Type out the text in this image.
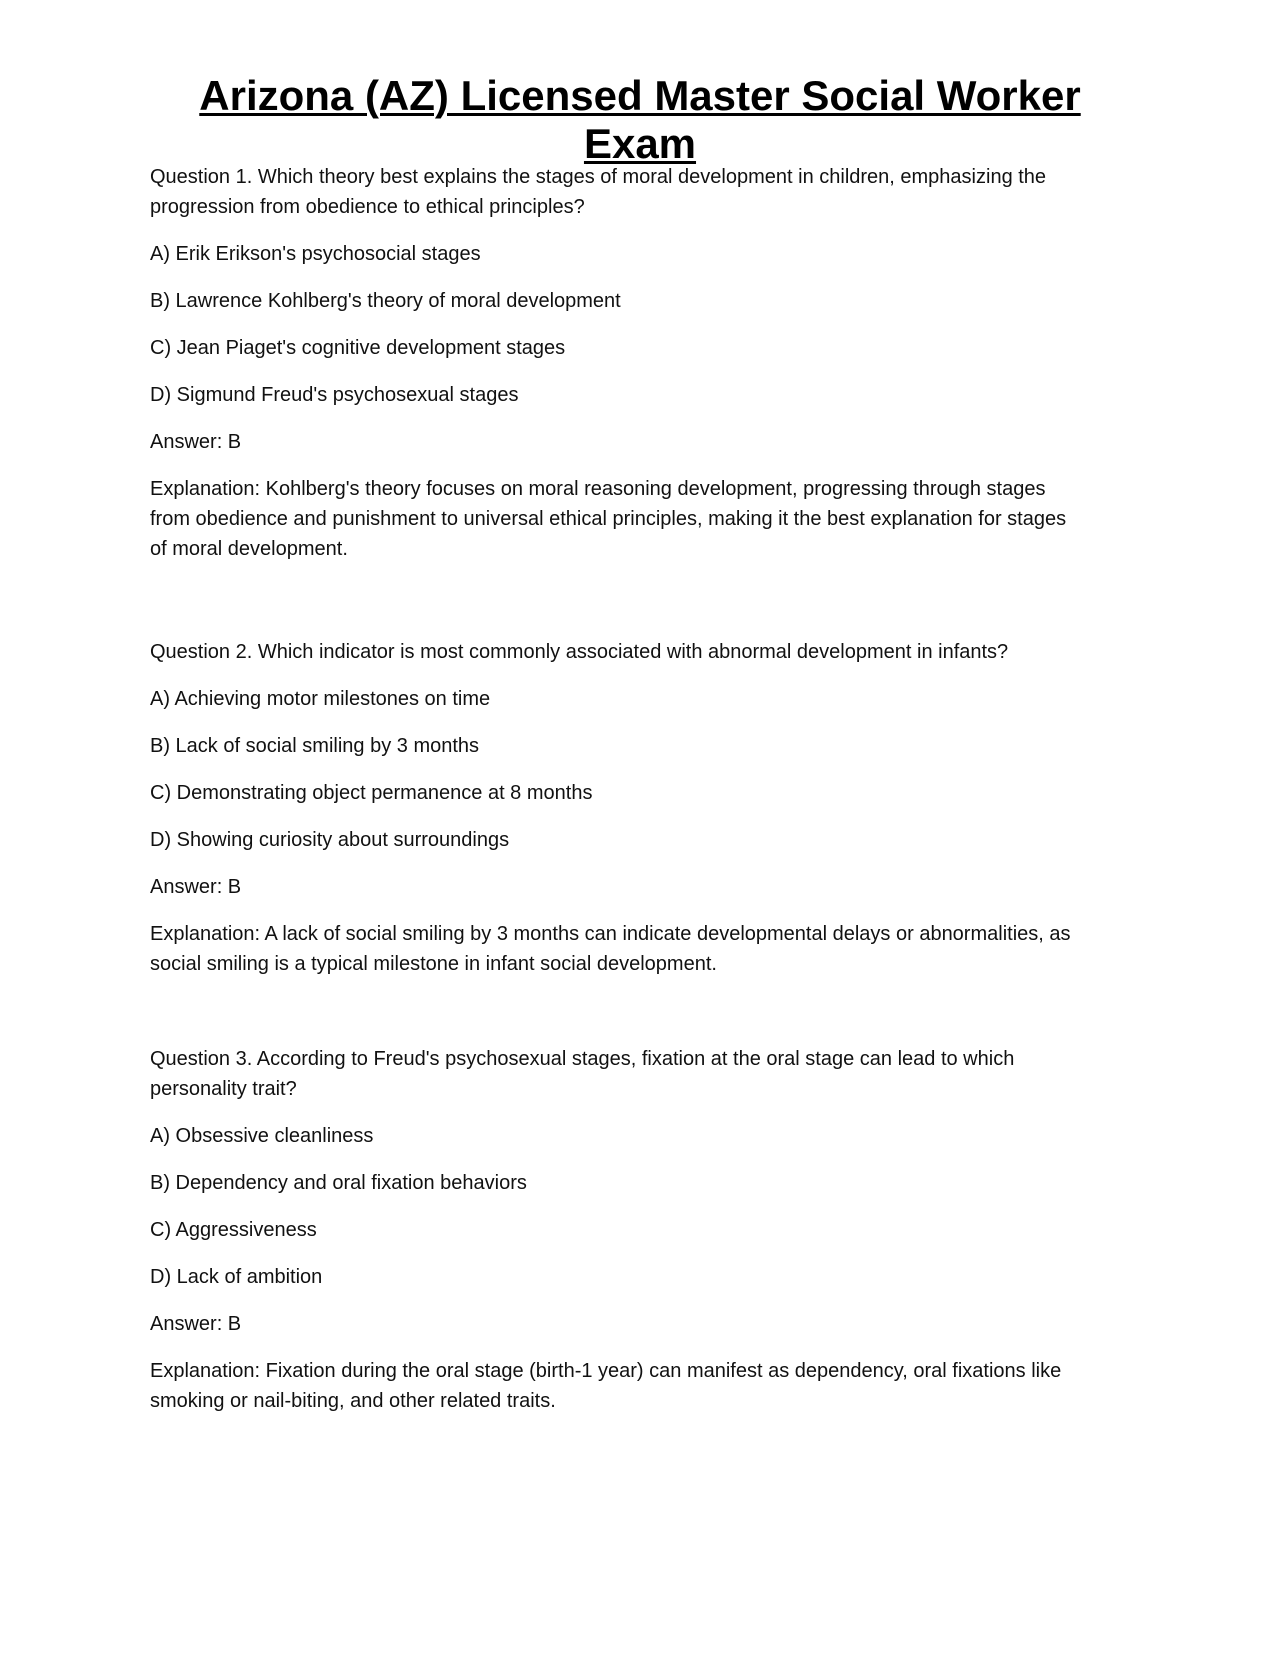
Arizona (AZ) Licensed Master Social Worker
Exam
Question 1. Which theory best explains the stages of moral development in children, emphasizing the
progression from obedience to ethical principles?
A) Erik Erikson's psychosocial stages
B) Lawrence Kohlberg's theory of moral development
C) Jean Piaget's cognitive development stages
D) Sigmund Freud's psychosexual stages
Answer: B
Explanation: Kohlberg's theory focuses on moral reasoning development, progressing through stages
from obedience and punishment to universal ethical principles, making it the best explanation for stages
of moral development.
Question 2. Which indicator is most commonly associated with abnormal development in infants?
A) Achieving motor milestones on time
B) Lack of social smiling by 3 months
C) Demonstrating object permanence at 8 months
D) Showing curiosity about surroundings
Answer: B
Explanation: A lack of social smiling by 3 months can indicate developmental delays or abnormalities, as
social smiling is a typical milestone in infant social development.
Question 3. According to Freud's psychosexual stages, fixation at the oral stage can lead to which
personality trait?
A) Obsessive cleanliness
B) Dependency and oral fixation behaviors
C) Aggressiveness
D) Lack of ambition
Answer: B
Explanation: Fixation during the oral stage (birth-1 year) can manifest as dependency, oral fixations like
smoking or nail-biting, and other related traits.
